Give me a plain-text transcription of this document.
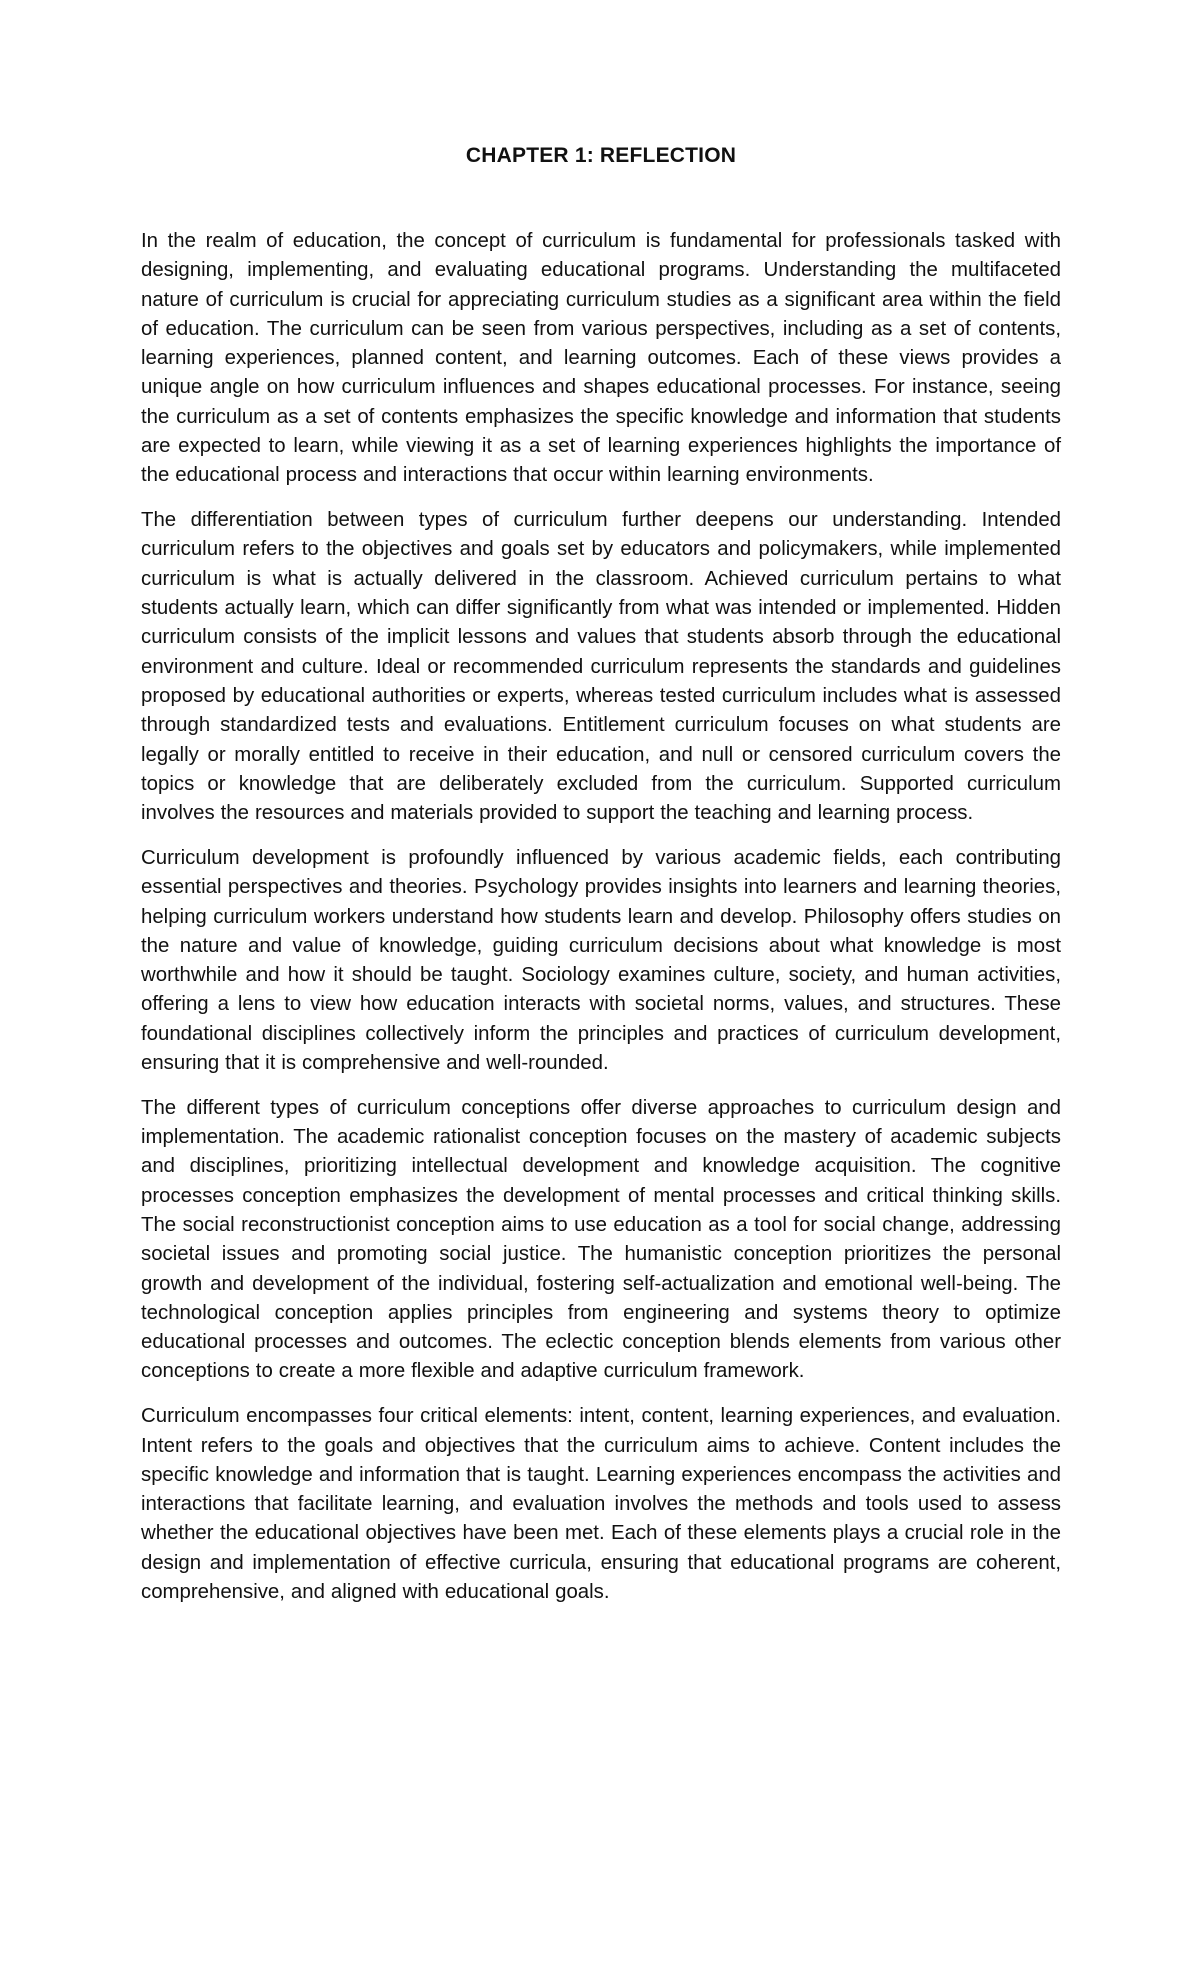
CHAPTER 1: REFLECTION

In the realm of education, the concept of curriculum is fundamental for professionals tasked with designing, implementing, and evaluating educational programs. Understanding the multifaceted nature of curriculum is crucial for appreciating curriculum studies as a significant area within the field of education. The curriculum can be seen from various perspectives, including as a set of contents, learning experiences, planned content, and learning outcomes. Each of these views provides a unique angle on how curriculum influences and shapes educational processes. For instance, seeing the curriculum as a set of contents emphasizes the specific knowledge and information that students are expected to learn, while viewing it as a set of learning experiences highlights the importance of the educational process and interactions that occur within learning environments.

The differentiation between types of curriculum further deepens our understanding. Intended curriculum refers to the objectives and goals set by educators and policymakers, while implemented curriculum is what is actually delivered in the classroom. Achieved curriculum pertains to what students actually learn, which can differ significantly from what was intended or implemented. Hidden curriculum consists of the implicit lessons and values that students absorb through the educational environment and culture. Ideal or recommended curriculum represents the standards and guidelines proposed by educational authorities or experts, whereas tested curriculum includes what is assessed through standardized tests and evaluations. Entitlement curriculum focuses on what students are legally or morally entitled to receive in their education, and null or censored curriculum covers the topics or knowledge that are deliberately excluded from the curriculum. Supported curriculum involves the resources and materials provided to support the teaching and learning process.

Curriculum development is profoundly influenced by various academic fields, each contributing essential perspectives and theories. Psychology provides insights into learners and learning theories, helping curriculum workers understand how students learn and develop. Philosophy offers studies on the nature and value of knowledge, guiding curriculum decisions about what knowledge is most worthwhile and how it should be taught. Sociology examines culture, society, and human activities, offering a lens to view how education interacts with societal norms, values, and structures. These foundational disciplines collectively inform the principles and practices of curriculum development, ensuring that it is comprehensive and well-rounded.

The different types of curriculum conceptions offer diverse approaches to curriculum design and implementation. The academic rationalist conception focuses on the mastery of academic subjects and disciplines, prioritizing intellectual development and knowledge acquisition. The cognitive processes conception emphasizes the development of mental processes and critical thinking skills. The social reconstructionist conception aims to use education as a tool for social change, addressing societal issues and promoting social justice. The humanistic conception prioritizes the personal growth and development of the individual, fostering self-actualization and emotional well-being. The technological conception applies principles from engineering and systems theory to optimize educational processes and outcomes. The eclectic conception blends elements from various other conceptions to create a more flexible and adaptive curriculum framework.

Curriculum encompasses four critical elements: intent, content, learning experiences, and evaluation. Intent refers to the goals and objectives that the curriculum aims to achieve. Content includes the specific knowledge and information that is taught. Learning experiences encompass the activities and interactions that facilitate learning, and evaluation involves the methods and tools used to assess whether the educational objectives have been met. Each of these elements plays a crucial role in the design and implementation of effective curricula, ensuring that educational programs are coherent, comprehensive, and aligned with educational goals.
